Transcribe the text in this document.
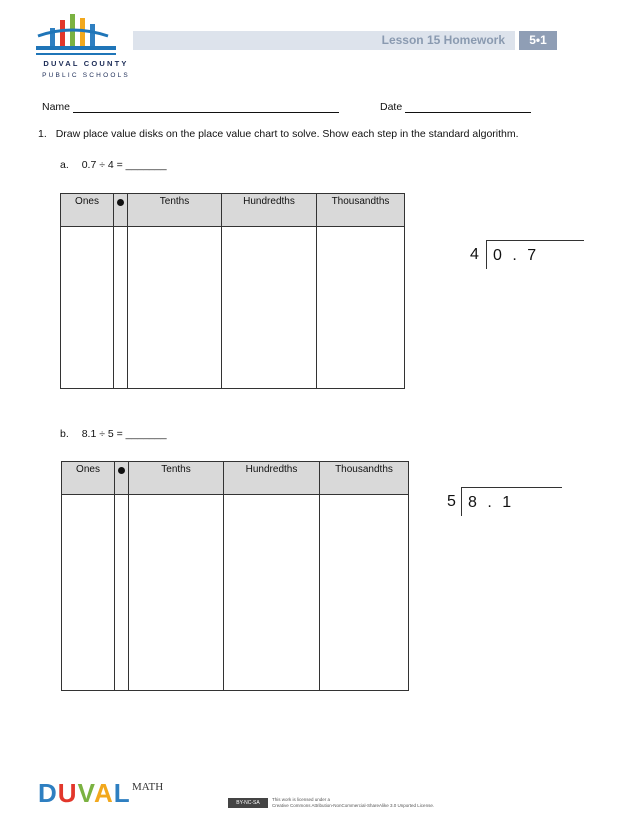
DUVAL COUNTY
PUBLIC SCHOOLS
Lesson 15 Homework	5•1
Name	Date
1. Draw place value disks on the place value chart to solve. Show each step in the standard algorithm.
a. 0.7 ÷ 4 = _______
Ones		Tenths	Hundredths	Thousandths

4 0 . 7
b. 8.1 ÷ 5 = _______
Ones		Tenths	Hundredths	Thousandths

5 8 . 1
DUVAL MATH
BY-NC-SA
This work is licensed under a
Creative Commons Attribution-NonCommercial-ShareAlike 3.0 Unported License.
